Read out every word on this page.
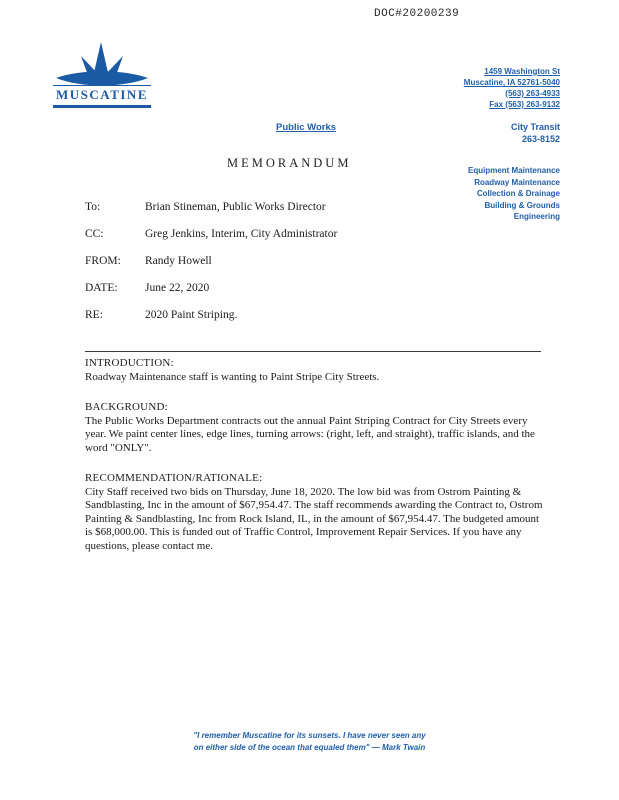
DOC#20200239
MUSCATINE
1459 Washington St
Muscatine, IA 52761-5040
(563) 263-4933
Fax (563) 263-9132
Public Works	City Transit
263-8152
MEMORANDUM
Equipment Maintenance
Roadway Maintenance
Collection & Drainage
Building & Grounds
Engineering
To:	Brian Stineman, Public Works Director
CC:	Greg Jenkins, Interim, City Administrator
FROM:	Randy Howell
DATE:	June 22, 2020
RE:	2020 Paint Striping.
INTRODUCTION:
Roadway Maintenance staff is wanting to Paint Stripe City Streets.
BACKGROUND:
The Public Works Department contracts out the annual Paint Striping Contract for City Streets every year. We paint center lines, edge lines, turning arrows: (right, left, and straight), traffic islands, and the word "ONLY".
RECOMMENDATION/RATIONALE:
City Staff received two bids on Thursday, June 18, 2020. The low bid was from Ostrom Painting & Sandblasting, Inc in the amount of $67,954.47. The staff recommends awarding the Contract to, Ostrom Painting & Sandblasting, Inc from Rock Island, IL, in the amount of $67,954.47. The budgeted amount is $68,000.00. This is funded out of Traffic Control, Improvement Repair Services. If you have any questions, please contact me.
"I remember Muscatine for its sunsets. I have never seen any
on either side of the ocean that equaled them" — Mark Twain
